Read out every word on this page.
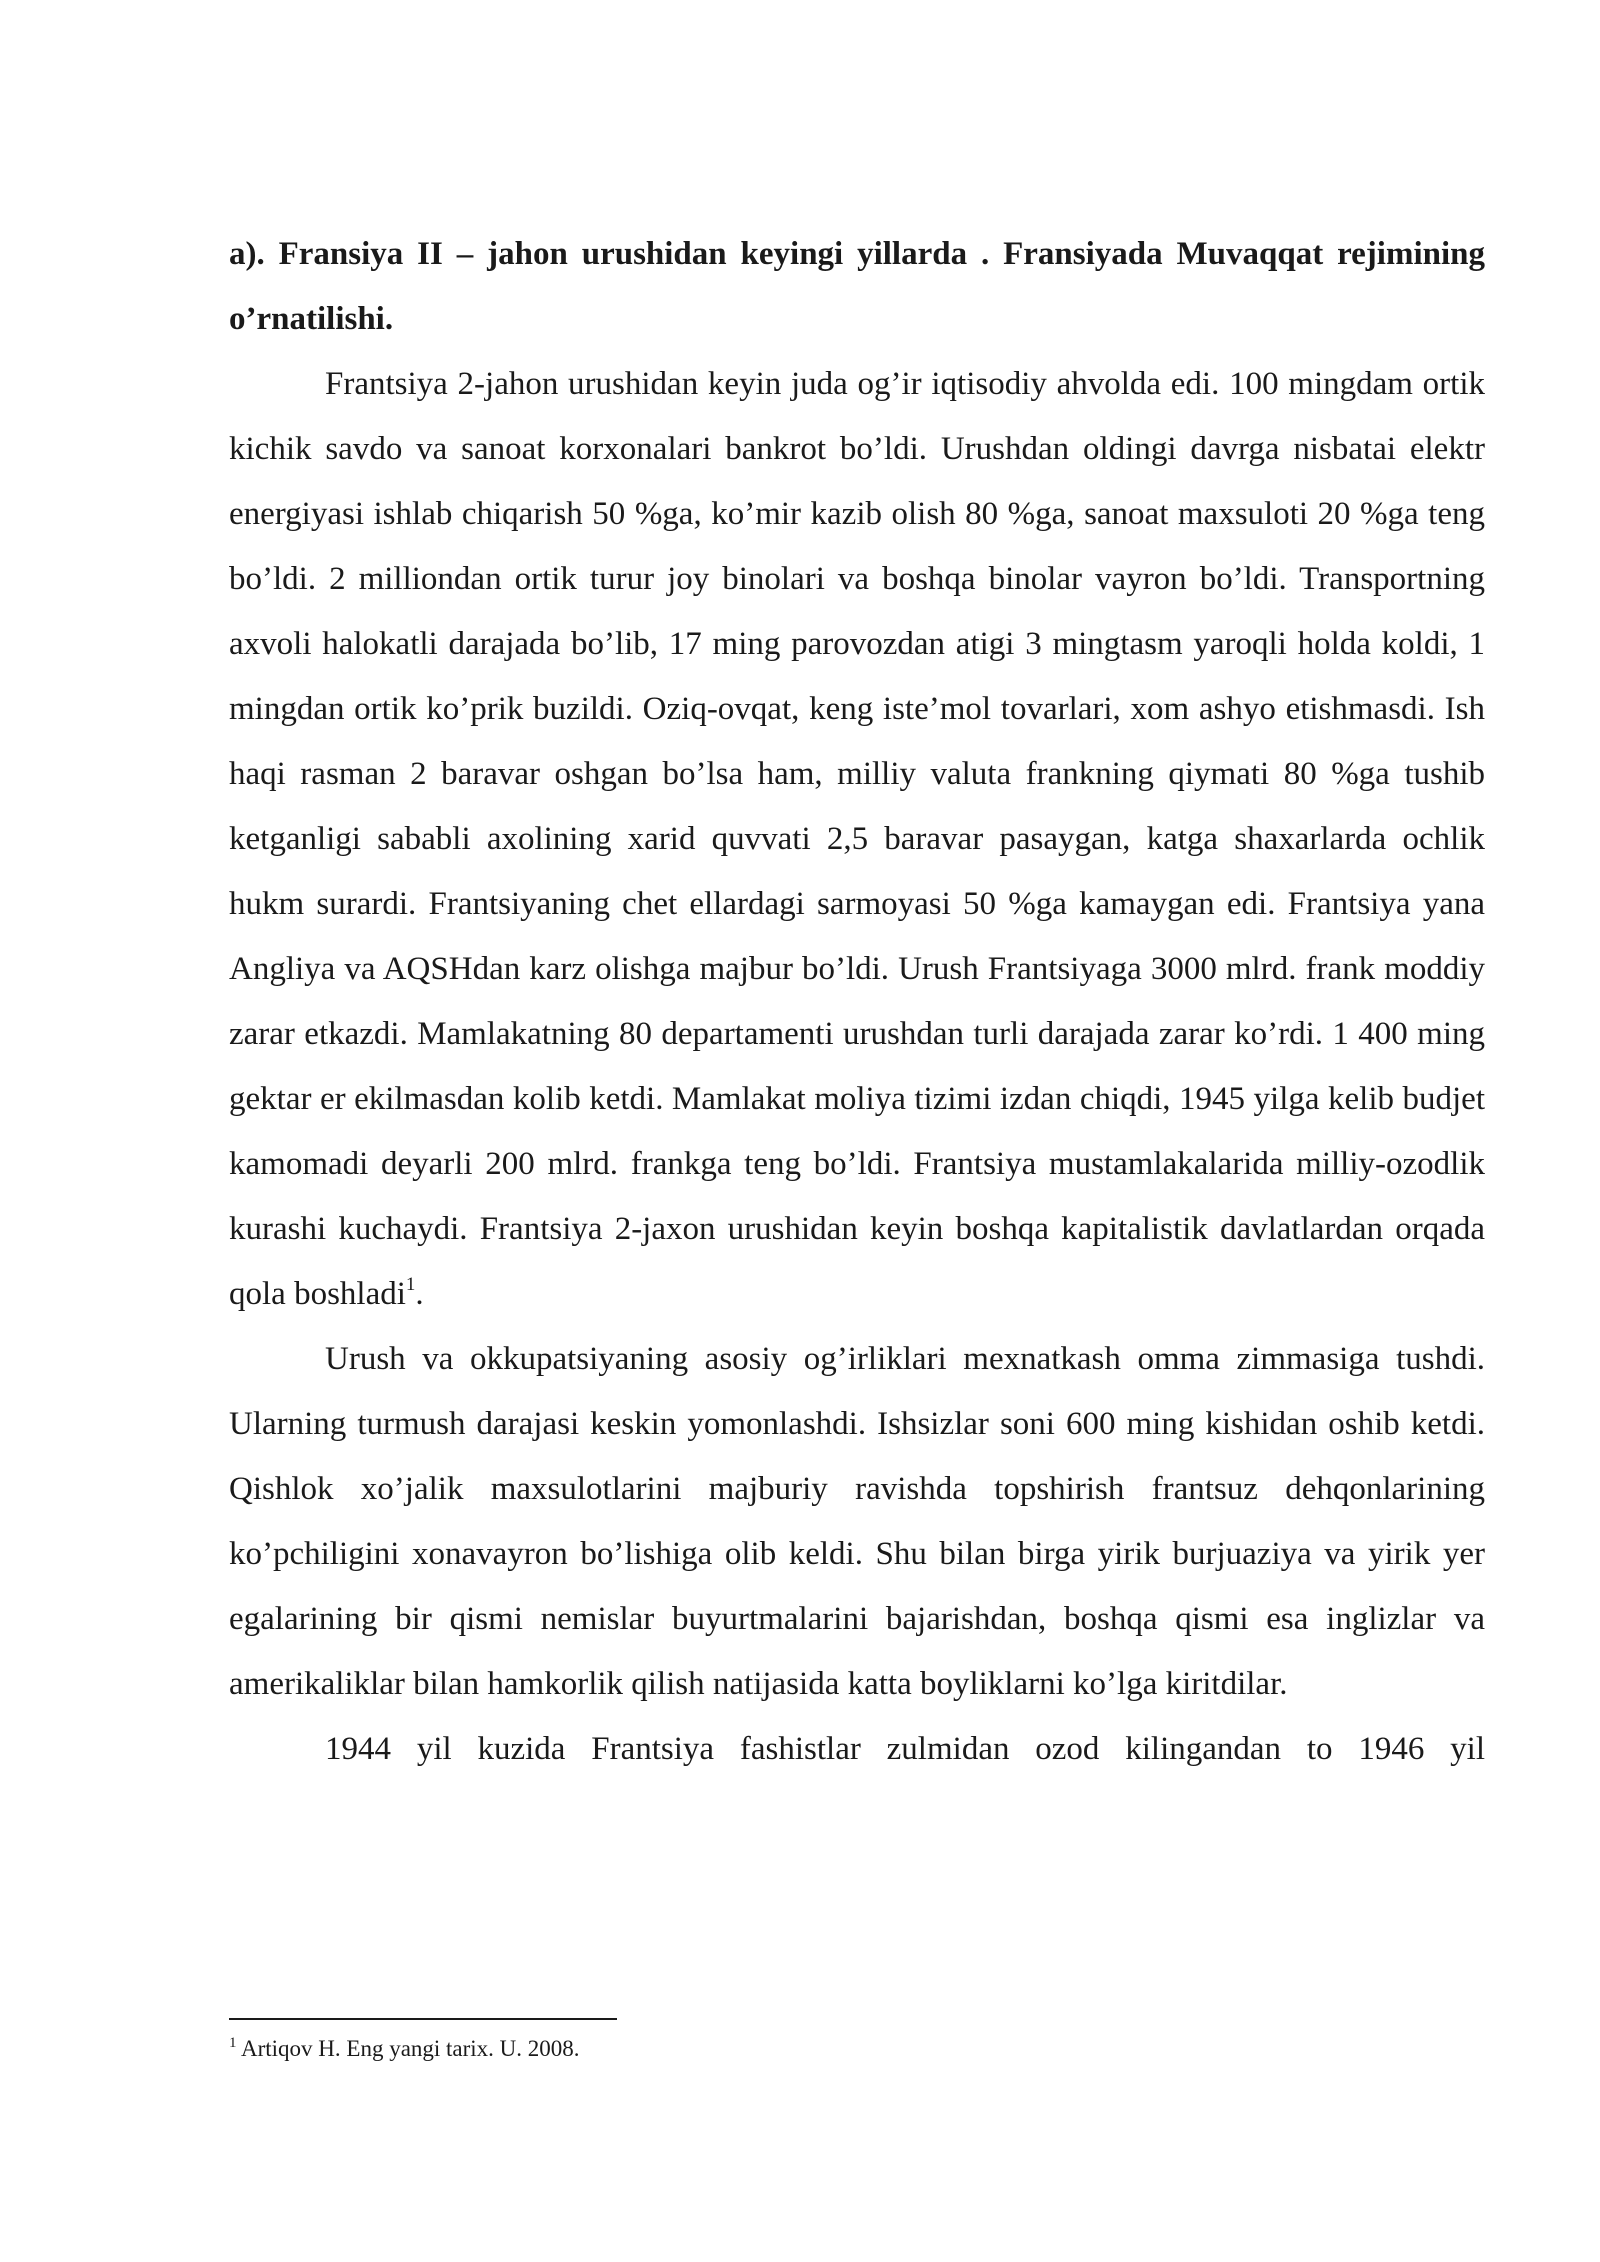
a). Fransiya II – jahon urushidan keyingi yillarda . Fransiyada Muvaqqat rejimining o’rnatilishi.

Frantsiya 2-jahon urushidan keyin juda og’ir iqtisodiy ahvolda edi. 100 mingdam ortik kichik savdo va sanoat korxonalari bankrot bo’ldi. Urushdan oldingi davrga nisbatai elektr energiyasi ishlab chiqarish 50 %ga, ko’mir kazib olish 80 %ga, sanoat maxsuloti 20 %ga teng bo’ldi. 2 milliondan ortik turur joy binolari va boshqa binolar vayron bo’ldi. Transportning axvoli halokatli darajada bo’lib, 17 ming parovozdan atigi 3 mingtasm yaroqli holda koldi, 1 mingdan ortik ko’prik buzildi. Oziq-ovqat, keng iste’mol tovarlari, xom ashyo etishmasdi. Ish haqi rasman 2 baravar oshgan bo’lsa ham, milliy valuta frankning qiymati 80 %ga tushib ketganligi sababli axolining xarid quvvati 2,5 baravar pasaygan, katga shaxarlarda ochlik hukm surardi. Frantsiyaning chet ellardagi sarmoyasi 50 %ga kamaygan edi. Frantsiya yana Angliya va AQSHdan karz olishga majbur bo’ldi. Urush Frantsiyaga 3000 mlrd. frank moddiy zarar etkazdi. Mamlakatning 80 departamenti urushdan turli darajada zarar ko’rdi. 1 400 ming gektar er ekilmasdan kolib ketdi. Mamlakat moliya tizimi izdan chiqdi, 1945 yilga kelib budjet kamomadi deyarli 200 mlrd. frankga teng bo’ldi. Frantsiya mustamlakalarida milliy-ozodlik kurashi kuchaydi. Frantsiya 2-jaxon urushidan keyin boshqa kapitalistik davlatlardan orqada qola boshladi$^1$.

Urush va okkupatsiyaning asosiy og’irliklari mexnatkash omma zimmasiga tushdi. Ularning turmush darajasi keskin yomonlashdi. Ishsizlar soni 600 ming kishidan oshib ketdi. Qishlok xo’jalik maxsulotlarini majburiy ravishda topshirish frantsuz dehqonlarining ko’pchiligini xonavayron bo’lishiga olib keldi. Shu bilan birga yirik burjuaziya va yirik yer egalarining bir qismi nemislar buyurtmalarini bajarishdan, boshqa qismi esa inglizlar va amerikaliklar bilan hamkorlik qilish natijasida katta boyliklarni ko’lga kiritdilar.

1944 yil kuzida Frantsiya fashistlar zulmidan ozod kilingandan to 1946 yil

$^1$ Artiqov H. Eng yangi tarix. U. 2008.
